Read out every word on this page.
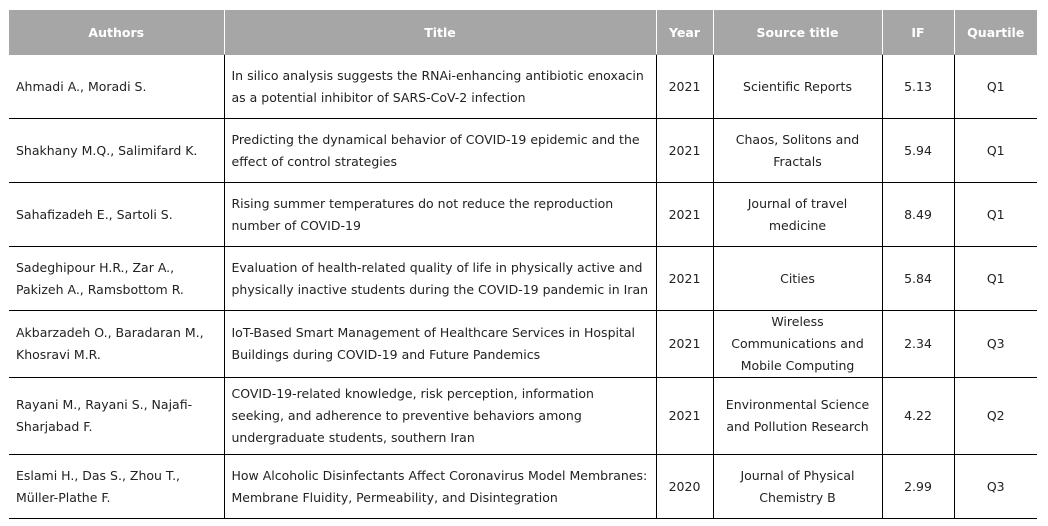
Authors	Title	Year	Source title	IF	Quartile
Ahmadi A., Moradi S.	In silico analysis suggests the RNAi-enhancing antibiotic enoxacin as a potential inhibitor of SARS-CoV-2 infection	2021	Scientific Reports	5.13	Q1
Shakhany M.Q., Salimifard K.	Predicting the dynamical behavior of COVID-19 epidemic and the effect of control strategies	2021	Chaos, Solitons and Fractals	5.94	Q1
Sahafizadeh E., Sartoli S.	Rising summer temperatures do not reduce the reproduction number of COVID-19	2021	Journal of travel medicine	8.49	Q1
Sadeghipour H.R., Zar A., Pakizeh A., Ramsbottom R.	Evaluation of health-related quality of life in physically active and physically inactive students during the COVID-19 pandemic in Iran	2021	Cities	5.84	Q1
Akbarzadeh O., Baradaran M., Khosravi M.R.	IoT-Based Smart Management of Healthcare Services in Hospital Buildings during COVID-19 and Future Pandemics	2021	Wireless Communications and Mobile Computing	2.34	Q3
Rayani M., Rayani S., Najafi-Sharjabad F.	COVID-19-related knowledge, risk perception, information seeking, and adherence to preventive behaviors among undergraduate students, southern Iran	2021	Environmental Science and Pollution Research	4.22	Q2
Eslami H., Das S., Zhou T., Müller-Plathe F.	How Alcoholic Disinfectants Affect Coronavirus Model Membranes: Membrane Fluidity, Permeability, and Disintegration	2020	Journal of Physical Chemistry B	2.99	Q3
